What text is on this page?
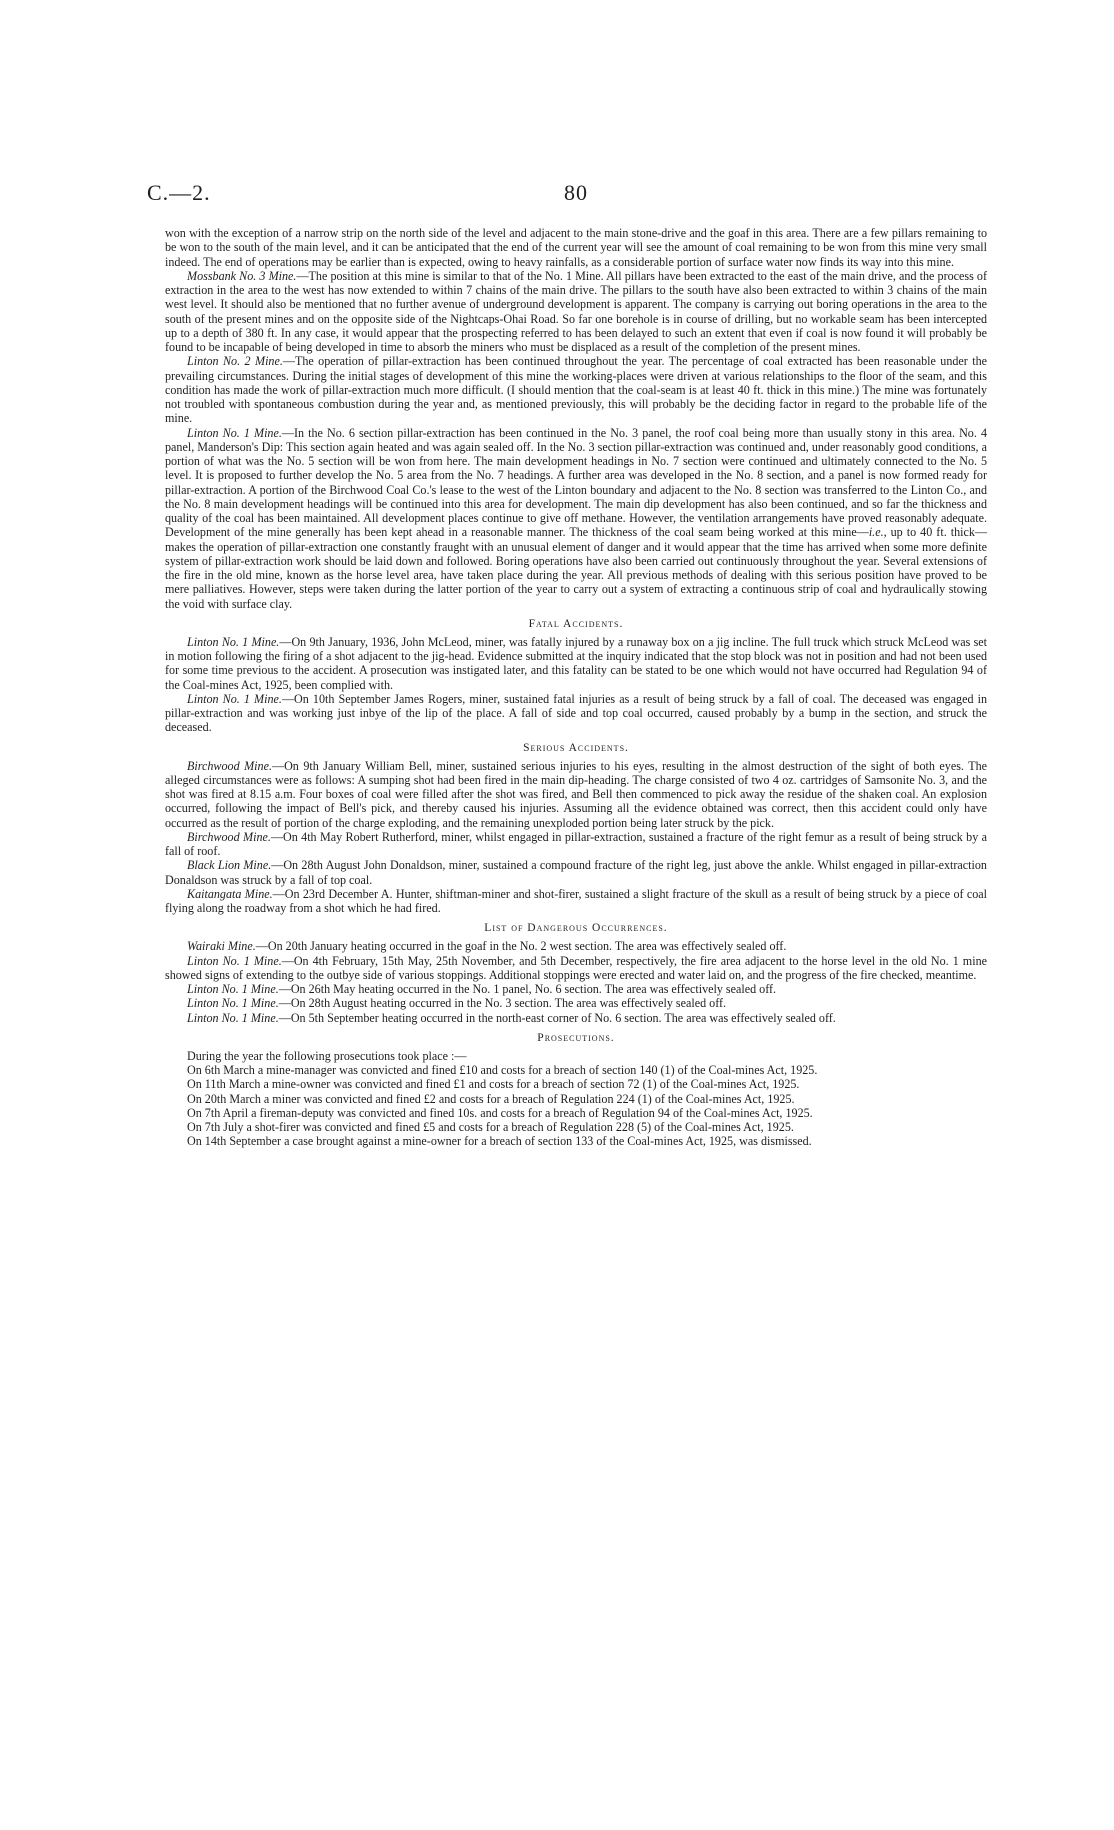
C.—2.	80

won with the exception of a narrow strip on the north side of the level and adjacent to the main stone-drive and the goaf in this area. There are a few pillars remaining to be won to the south of the main level, and it can be anticipated that the end of the current year will see the amount of coal remaining to be won from this mine very small indeed. The end of operations may be earlier than is expected, owing to heavy rainfalls, as a considerable portion of surface water now finds its way into this mine.

Mossbank No. 3 Mine.—The position at this mine is similar to that of the No. 1 Mine. All pillars have been extracted to the east of the main drive, and the process of extraction in the area to the west has now extended to within 7 chains of the main drive. The pillars to the south have also been extracted to within 3 chains of the main west level. It should also be mentioned that no further avenue of underground development is apparent. The company is carrying out boring operations in the area to the south of the present mines and on the opposite side of the Nightcaps-Ohai Road. So far one borehole is in course of drilling, but no workable seam has been intercepted up to a depth of 380 ft. In any case, it would appear that the prospecting referred to has been delayed to such an extent that even if coal is now found it will probably be found to be incapable of being developed in time to absorb the miners who must be displaced as a result of the completion of the present mines.

Linton No. 2 Mine.—The operation of pillar-extraction has been continued throughout the year. The percentage of coal extracted has been reasonable under the prevailing circumstances. During the initial stages of development of this mine the working-places were driven at various relationships to the floor of the seam, and this condition has made the work of pillar-extraction much more difficult. (I should mention that the coal-seam is at least 40 ft. thick in this mine.) The mine was fortunately not troubled with spontaneous combustion during the year and, as mentioned previously, this will probably be the deciding factor in regard to the probable life of the mine.

Linton No. 1 Mine.—In the No. 6 section pillar-extraction has been continued in the No. 3 panel, the roof coal being more than usually stony in this area. No. 4 panel, Manderson's Dip: This section again heated and was again sealed off. In the No. 3 section pillar-extraction was continued and, under reasonably good conditions, a portion of what was the No. 5 section will be won from here. The main development headings in No. 7 section were continued and ultimately connected to the No. 5 level. It is proposed to further develop the No. 5 area from the No. 7 headings. A further area was developed in the No. 8 section, and a panel is now formed ready for pillar-extraction. A portion of the Birchwood Coal Co.'s lease to the west of the Linton boundary and adjacent to the No. 8 section was transferred to the Linton Co., and the No. 8 main development headings will be continued into this area for development. The main dip development has also been continued, and so far the thickness and quality of the coal has been maintained. All development places continue to give off methane. However, the ventilation arrangements have proved reasonably adequate. Development of the mine generally has been kept ahead in a reasonable manner. The thickness of the coal seam being worked at this mine—i.e., up to 40 ft. thick—makes the operation of pillar-extraction one constantly fraught with an unusual element of danger and it would appear that the time has arrived when some more definite system of pillar-extraction work should be laid down and followed. Boring operations have also been carried out continuously throughout the year. Several extensions of the fire in the old mine, known as the horse level area, have taken place during the year. All previous methods of dealing with this serious position have proved to be mere palliatives. However, steps were taken during the latter portion of the year to carry out a system of extracting a continuous strip of coal and hydraulically stowing the void with surface clay.

Fatal Accidents.

Linton No. 1 Mine.—On 9th January, 1936, John McLeod, miner, was fatally injured by a runaway box on a jig incline. The full truck which struck McLeod was set in motion following the firing of a shot adjacent to the jig-head. Evidence submitted at the inquiry indicated that the stop block was not in position and had not been used for some time previous to the accident. A prosecution was instigated later, and this fatality can be stated to be one which would not have occurred had Regulation 94 of the Coal-mines Act, 1925, been complied with.

Linton No. 1 Mine.—On 10th September James Rogers, miner, sustained fatal injuries as a result of being struck by a fall of coal. The deceased was engaged in pillar-extraction and was working just inbye of the lip of the place. A fall of side and top coal occurred, caused probably by a bump in the section, and struck the deceased.

Serious Accidents.

Birchwood Mine.—On 9th January William Bell, miner, sustained serious injuries to his eyes, resulting in the almost destruction of the sight of both eyes. The alleged circumstances were as follows: A sumping shot had been fired in the main dip-heading. The charge consisted of two 4 oz. cartridges of Samsonite No. 3, and the shot was fired at 8.15 a.m. Four boxes of coal were filled after the shot was fired, and Bell then commenced to pick away the residue of the shaken coal. An explosion occurred, following the impact of Bell's pick, and thereby caused his injuries. Assuming all the evidence obtained was correct, then this accident could only have occurred as the result of portion of the charge exploding, and the remaining unexploded portion being later struck by the pick.

Birchwood Mine.—On 4th May Robert Rutherford, miner, whilst engaged in pillar-extraction, sustained a fracture of the right femur as a result of being struck by a fall of roof.

Black Lion Mine.—On 28th August John Donaldson, miner, sustained a compound fracture of the right leg, just above the ankle. Whilst engaged in pillar-extraction Donaldson was struck by a fall of top coal.

Kaitangata Mine.—On 23rd December A. Hunter, shiftman-miner and shot-firer, sustained a slight fracture of the skull as a result of being struck by a piece of coal flying along the roadway from a shot which he had fired.

List of Dangerous Occurrences.

Wairaki Mine.—On 20th January heating occurred in the goaf in the No. 2 west section. The area was effectively sealed off.

Linton No. 1 Mine.—On 4th February, 15th May, 25th November, and 5th December, respectively, the fire area adjacent to the horse level in the old No. 1 mine showed signs of extending to the outbye side of various stoppings. Additional stoppings were erected and water laid on, and the progress of the fire checked, meantime.

Linton No. 1 Mine.—On 26th May heating occurred in the No. 1 panel, No. 6 section. The area was effectively sealed off.

Linton No. 1 Mine.—On 28th August heating occurred in the No. 3 section. The area was effectively sealed off.

Linton No. 1 Mine.—On 5th September heating occurred in the north-east corner of No. 6 section. The area was effectively sealed off.

Prosecutions.

During the year the following prosecutions took place :—

On 6th March a mine-manager was convicted and fined £10 and costs for a breach of section 140 (1) of the Coal-mines Act, 1925.

On 11th March a mine-owner was convicted and fined £1 and costs for a breach of section 72 (1) of the Coal-mines Act, 1925.

On 20th March a miner was convicted and fined £2 and costs for a breach of Regulation 224 (1) of the Coal-mines Act, 1925.

On 7th April a fireman-deputy was convicted and fined 10s. and costs for a breach of Regulation 94 of the Coal-mines Act, 1925.

On 7th July a shot-firer was convicted and fined £5 and costs for a breach of Regulation 228 (5) of the Coal-mines Act, 1925.

On 14th September a case brought against a mine-owner for a breach of section 133 of the Coal-mines Act, 1925, was dismissed.
